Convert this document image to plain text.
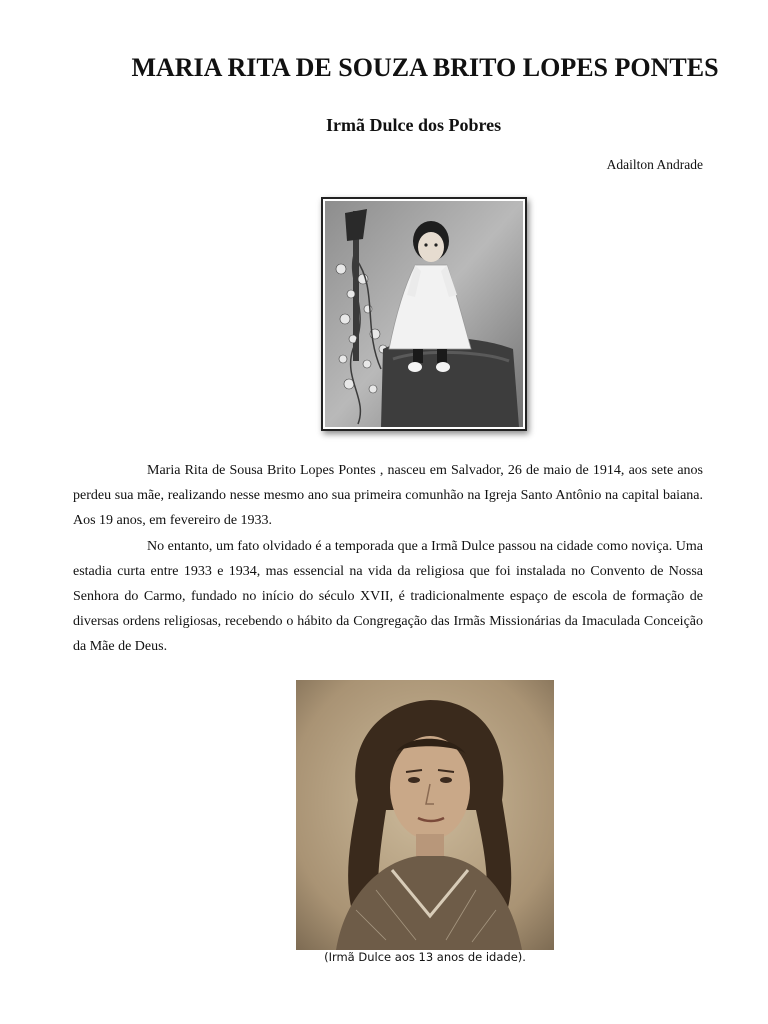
MARIA RITA DE SOUZA BRITO LOPES PONTES
Irmã Dulce dos Pobres

Adailton Andrade

Maria Rita de Sousa Brito Lopes Pontes , nasceu em Salvador, 26 de maio de 1914, aos sete anos perdeu sua mãe, realizando nesse mesmo ano sua primeira comunhão na Igreja Santo Antônio na capital baiana. Aos 19 anos, em fevereiro de 1933.

No entanto, um fato olvidado é a temporada que a Irmã Dulce passou na cidade como noviça. Uma estadia curta entre 1933 e 1934, mas essencial na vida da religiosa que foi instalada no Convento de Nossa Senhora do Carmo, fundado no início do século XVII, é tradicionalmente espaço de escola de formação de diversas ordens religiosas, recebendo o hábito da Congregação das Irmãs Missionárias da Imaculada Conceição da Mãe de Deus.

(Irmã Dulce aos 13 anos de idade).
